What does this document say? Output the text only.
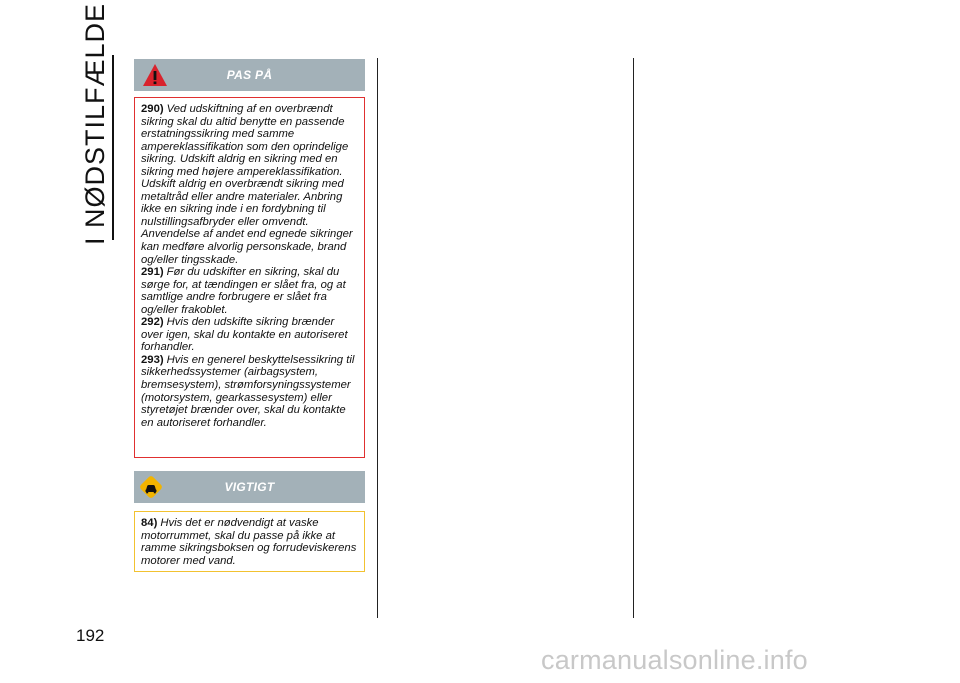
I NØDSTILFÆLDE
192
PAS PÅ
290) Ved udskiftning af en overbrændt sikring skal du altid benytte en passende erstatningssikring med samme ampereklassifikation som den oprindelige sikring. Udskift aldrig en sikring med en sikring med højere ampereklassifikation. Udskift aldrig en overbrændt sikring med metaltråd eller andre materialer. Anbring ikke en sikring inde i en fordybning til nulstillingsafbryder eller omvendt. Anvendelse af andet end egnede sikringer kan medføre alvorlig personskade, brand og/eller tingsskade.
291) Før du udskifter en sikring, skal du sørge for, at tændingen er slået fra, og at samtlige andre forbrugere er slået fra og/eller frakoblet.
292) Hvis den udskifte sikring brænder over igen, skal du kontakte en autoriseret forhandler.
293) Hvis en generel beskyttelsessikring til sikkerhedssystemer (airbagsystem, bremsesystem), strømforsyningssystemer (motorsystem, gearkassesystem) eller styretøjet brænder over, skal du kontakte en autoriseret forhandler.
VIGTIGT
84) Hvis det er nødvendigt at vaske motorrummet, skal du passe på ikke at ramme sikringsboksen og forrudeviskerens motorer med vand.
carmanualsonline.info
